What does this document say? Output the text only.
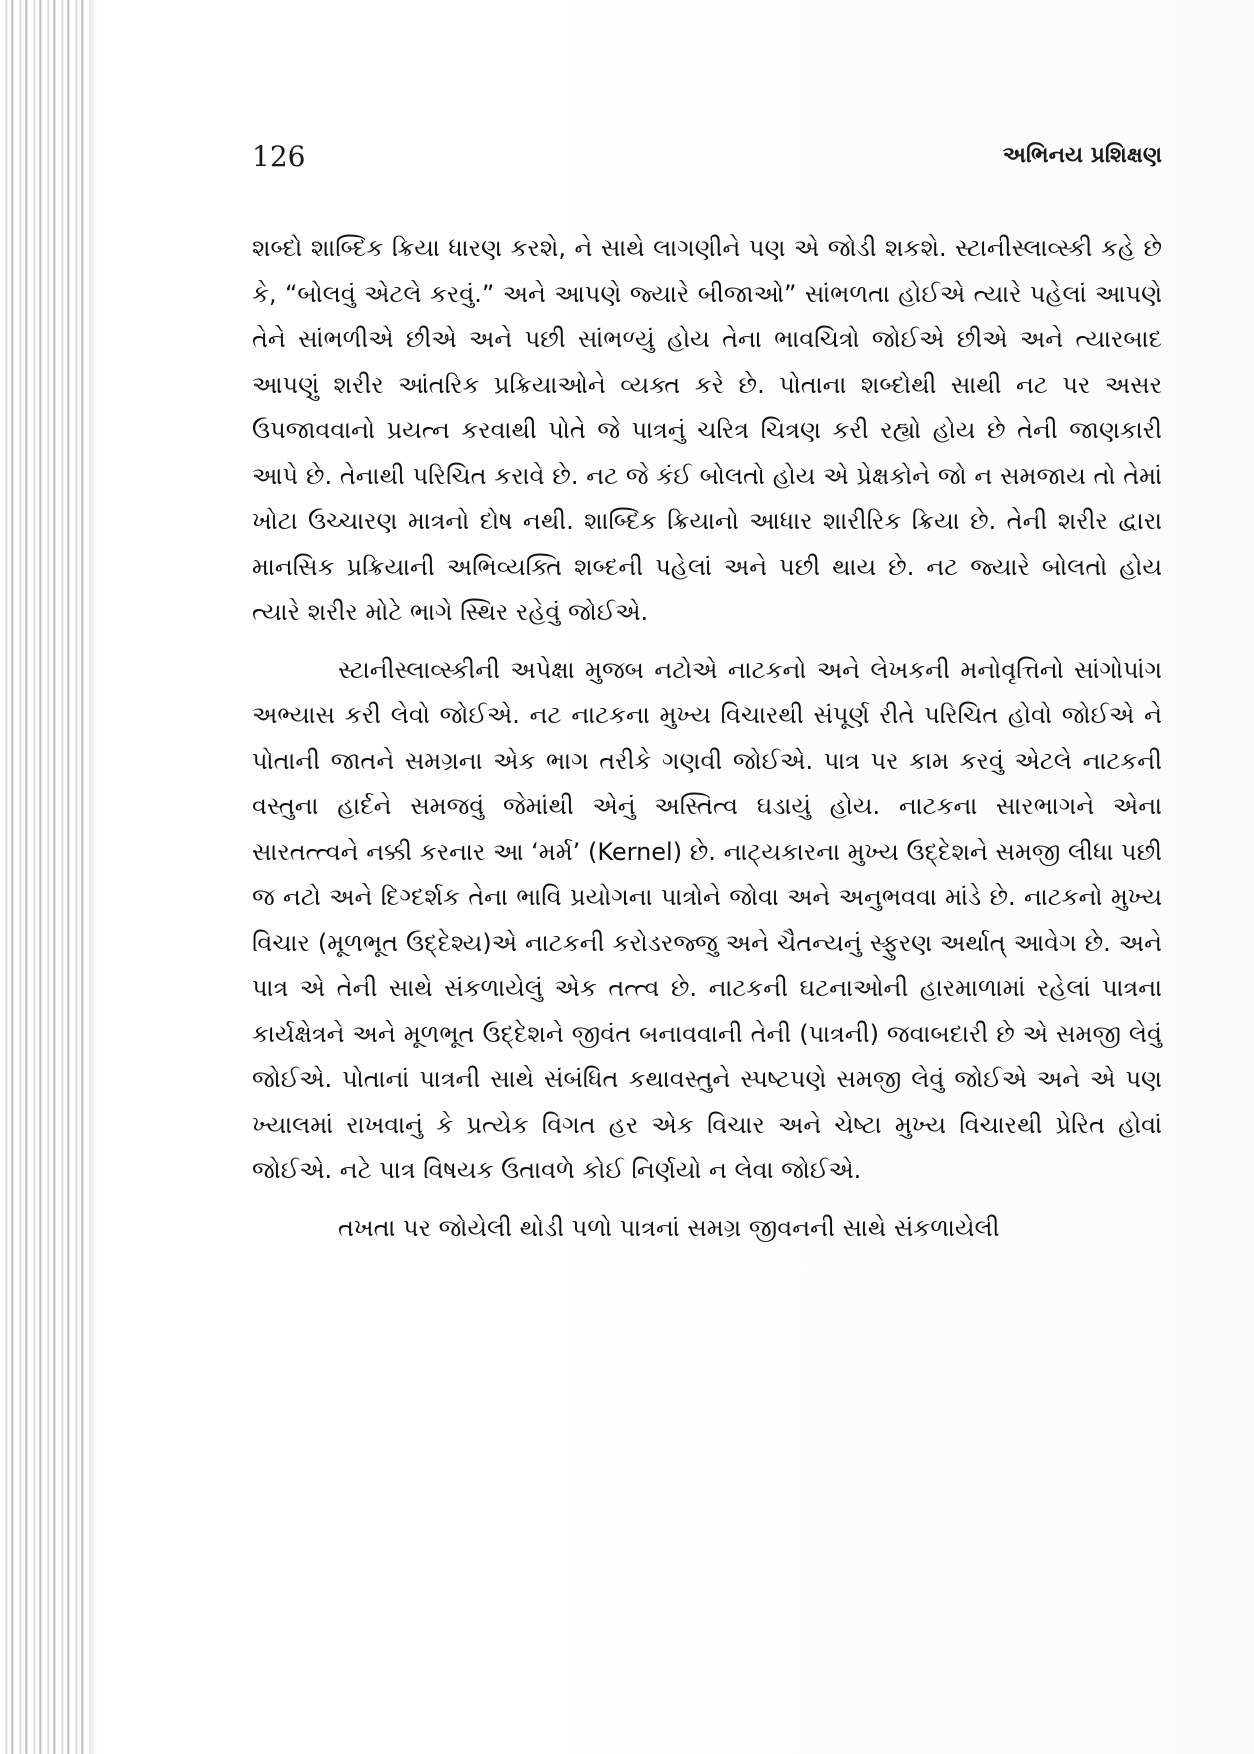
126	અભિનય પ્રશિક્ષણ

શબ્દો શાબ્દિક ક્રિયા ધારણ કરશે, ને સાથે લાગણીને પણ એ જોડી શકશે. સ્ટાનીસ્લાવ્સ્કી કહે છે કે, “બોલવું એટલે કરવું.” અને આપણે જ્યારે બીજાઓ” સાંભળતા હોઈએ ત્યારે પહેલાં આપણે તેને સાંભળીએ છીએ અને પછી સાંભળ્યું હોય તેના ભાવચિત્રો જોઈએ છીએ અને ત્યારબાદ આપણું શરીર આંતરિક પ્રક્રિયાઓને વ્યક્ત કરે છે. પોતાના શબ્દોથી સાથી નટ પર અસર ઉપજાવવાનો પ્રયત્ન કરવાથી પોતે જે પાત્રનું ચરિત્ર ચિત્રણ કરી રહ્યો હોય છે તેની જાણકારી આપે છે. તેનાથી પરિચિત કરાવે છે. નટ જે કંઈ બોલતો હોય એ પ્રેક્ષકોને જો ન સમજાય તો તેમાં ખોટા ઉચ્ચારણ માત્રનો દોષ નથી. શાબ્દિક ક્રિયાનો આધાર શારીરિક ક્રિયા છે. તેની શરીર દ્વારા માનસિક પ્રક્રિયાની અભિવ્યક્તિ શબ્દની પહેલાં અને પછી થાય છે. નટ જ્યારે બોલતો હોય ત્યારે શરીર મોટે ભાગે સ્થિર રહેવું જોઈએ.

સ્ટાનીસ્લાવ્સ્કીની અપેક્ષા મુજબ નટોએ નાટકનો અને લેખકની મનોવૃત્તિનો સાંગોપાંગ અભ્યાસ કરી લેવો જોઈએ. નટ નાટકના મુખ્ય વિચારથી સંપૂર્ણ રીતે પરિચિત હોવો જોઈએ ને પોતાની જાતને સમગ્રના એક ભાગ તરીકે ગણવી જોઈએ. પાત્ર પર કામ કરવું એટલે નાટકની વસ્તુના હાર્દને સમજવું જેમાંથી એનું અસ્તિત્વ ઘડાયું હોય. નાટકના સારભાગને એના સારતત્ત્વને નક્કી કરનાર આ ‘મર્મ’ (Kernel) છે. નાટ્યકારના મુખ્ય ઉદ્દેશને સમજી લીધા પછી જ નટો અને દિગ્દર્શક તેના ભાવિ પ્રયોગના પાત્રોને જોવા અને અનુભવવા માંડે છે. નાટકનો મુખ્ય વિચાર (મૂળભૂત ઉદ્દેશ્ય)એ નાટકની કરોડરજ્જુ અને ચૈતન્યનું સ્ફુરણ અર્થાત્ આવેગ છે. અને પાત્ર એ તેની સાથે સંકળાયેલું એક તત્ત્વ છે. નાટકની ઘટનાઓની હારમાળામાં રહેલાં પાત્રના કાર્યક્ષેત્રને અને મૂળભૂત ઉદ્દેશને જીવંત બનાવવાની તેની (પાત્રની) જવાબદારી છે એ સમજી લેવું જોઈએ. પોતાનાં પાત્રની સાથે સંબંધિત કથાવસ્તુને સ્પષ્ટપણે સમજી લેવું જોઈએ અને એ પણ ખ્યાલમાં રાખવાનું કે પ્રત્યેક વિગત હર એક વિચાર અને ચેષ્ટા મુખ્ય વિચારથી પ્રેરિત હોવાં જોઈએ. નટે પાત્ર વિષયક ઉતાવળે કોઈ નિર્ણયો ન લેવા જોઈએ.

તખતા પર જોયેલી થોડી પળો પાત્રનાં સમગ્ર જીવનની સાથે સંકળાયેલી
